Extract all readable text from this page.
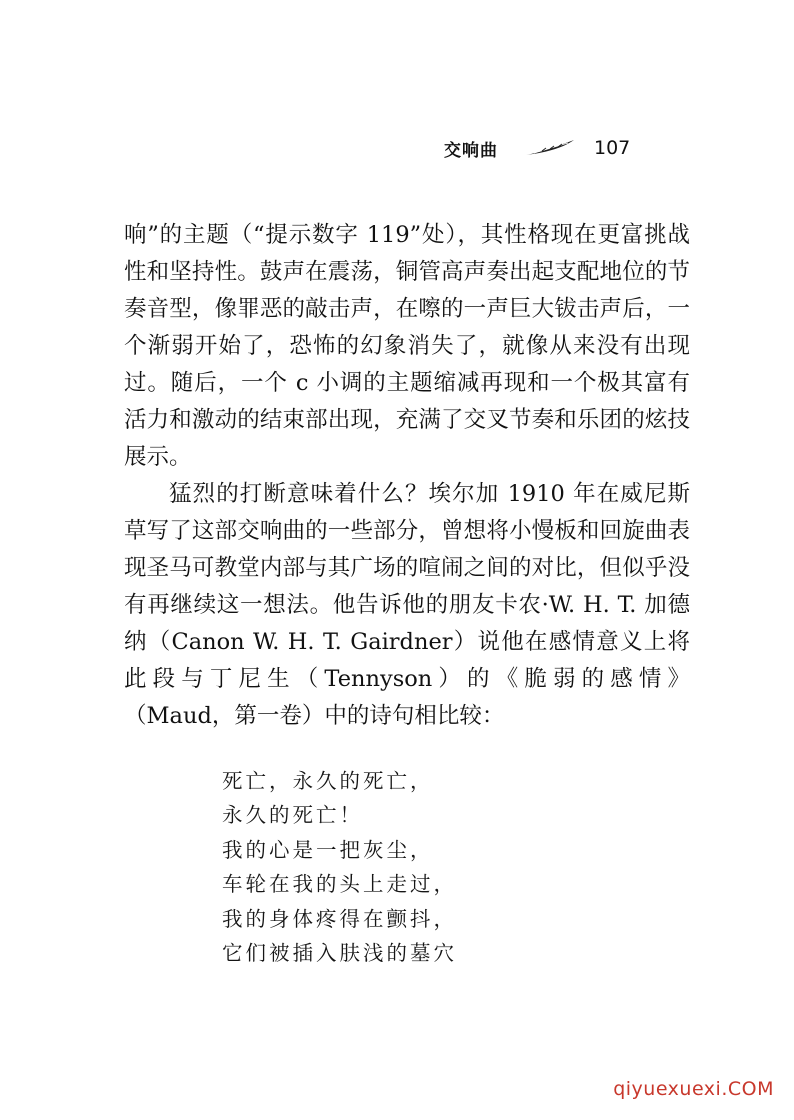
交响曲	107

响”的主题（“提示数字 119”处），其性格现在更富挑战性和坚持性。鼓声在震荡，铜管高声奏出起支配地位的节奏音型，像罪恶的敲击声，在嚓的一声巨大钹击声后，一个渐弱开始了，恐怖的幻象消失了，就像从来没有出现过。随后，一个 c 小调的主题缩减再现和一个极其富有活力和激动的结束部出现，充满了交叉节奏和乐团的炫技展示。

猛烈的打断意味着什么？埃尔加 1910 年在威尼斯草写了这部交响曲的一些部分，曾想将小慢板和回旋曲表现圣马可教堂内部与其广场的喧闹之间的对比，但似乎没有再继续这一想法。他告诉他的朋友卡农·W. H. T. 加德纳（Canon W. H. T. Gairdner）说他在感情意义上将此段与丁尼生（Tennyson）的《脆弱的感情》（Maud，第一卷）中的诗句相比较：

死亡，永久的死亡，
永久的死亡！
我的心是一把灰尘，
车轮在我的头上走过，
我的身体疼得在颤抖，
它们被插入肤浅的墓穴
qiyuexuexi.COM
